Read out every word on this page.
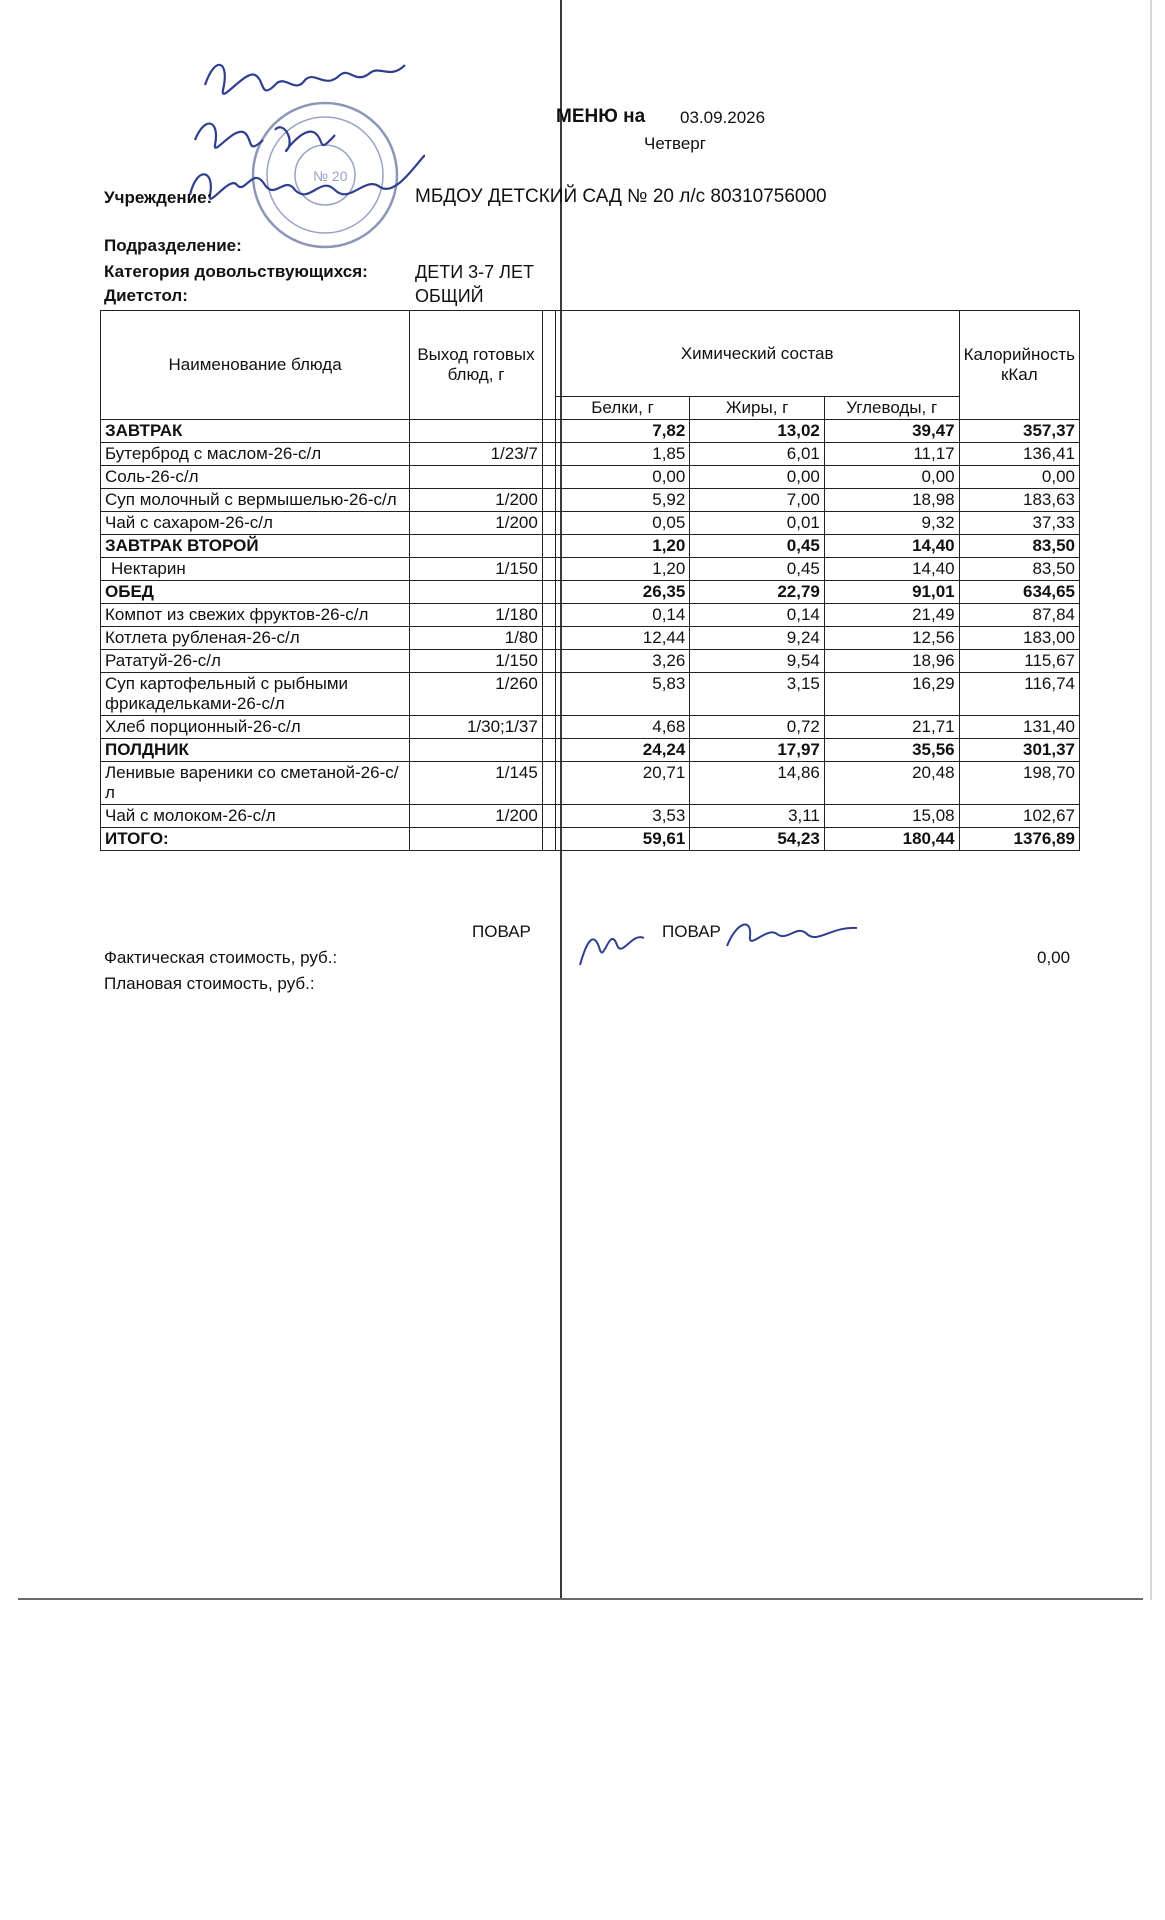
№ 20
МЕНЮ на 03.09.2026
Четверг
Учреждение:	МБДОУ ДЕТСКИЙ САД № 20 л/с 80310756000
Подразделение:
Категория довольствующихся:	ДЕТИ 3-7 ЛЕТ
Диетстол:	ОБЩИЙ
Наименование блюда	Выход готовых блюд, г		Химический состав			Калорийность кКал
			Белки, г	Жиры, г	Углеводы, г	
ЗАВТРАК			7,82	13,02	39,47	357,37
Бутерброд с маслом-26-с/л	1/23/7		1,85	6,01	11,17	136,41
Соль-26-с/л			0,00	0,00	0,00	0,00
Суп молочный с вермышелью-26-с/л	1/200		5,92	7,00	18,98	183,63
Чай с сахаром-26-с/л	1/200		0,05	0,01	9,32	37,33
ЗАВТРАК ВТОРОЙ			1,20	0,45	14,40	83,50
Нектарин	1/150		1,20	0,45	14,40	83,50
ОБЕД			26,35	22,79	91,01	634,65
Компот из свежих фруктов-26-с/л	1/180		0,14	0,14	21,49	87,84
Котлета рубленая-26-с/л	1/80		12,44	9,24	12,56	183,00
Рататуй-26-с/л	1/150		3,26	9,54	18,96	115,67
Суп картофельный с рыбными фрикадельками-26-с/л	1/260		5,83	3,15	16,29	116,74
Хлеб порционный-26-с/л	1/30;1/37		4,68	0,72	21,71	131,40
ПОЛДНИК			24,24	17,97	35,56	301,37
Ленивые вареники со сметаной-26-с/л	1/145		20,71	14,86	20,48	198,70
Чай с молоком-26-с/л	1/200		3,53	3,11	15,08	102,67
ИТОГО:			59,61	54,23	180,44	1376,89
ПОВАР	ПОВАР
Фактическая стоимость, руб.:	0,00
Плановая стоимость, руб.:
